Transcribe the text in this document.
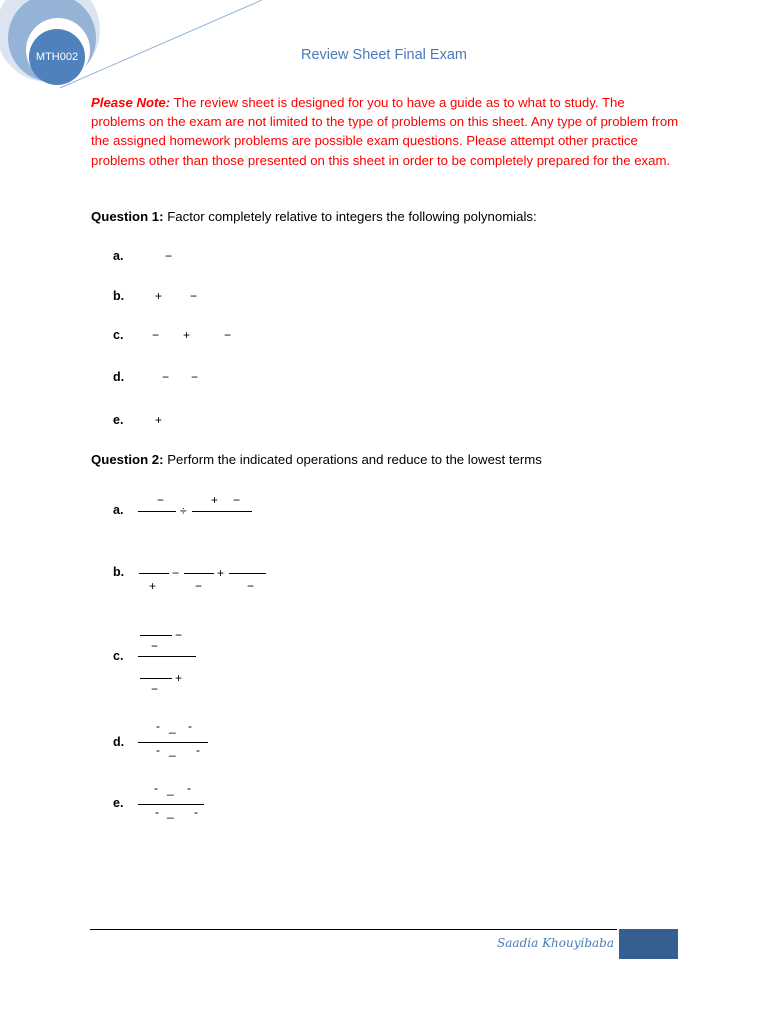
MTH002	Review Sheet Final Exam
Please Note: The review sheet is designed for you to have a guide as to what to study. The problems on the exam are not limited to the type of problems on this sheet. Any type of problem from the assigned homework problems are possible exam questions. Please attempt other practice problems other than those presented on this sheet in order to be completely prepared for the exam.
Question 1: Factor completely relative to integers the following polynomials:
a.	−
b.	+ −
c. − +	−
d.	− −
e.	+
Question 2: Perform the indicated operations and reduce to the lowest terms
a.
−
÷
+ −
b.
+
−
−
+
−
c.
−
−
+
−
d.
- _ -
- _ -
e.
- _ -
- _ -
Saadia Khouyibaba
